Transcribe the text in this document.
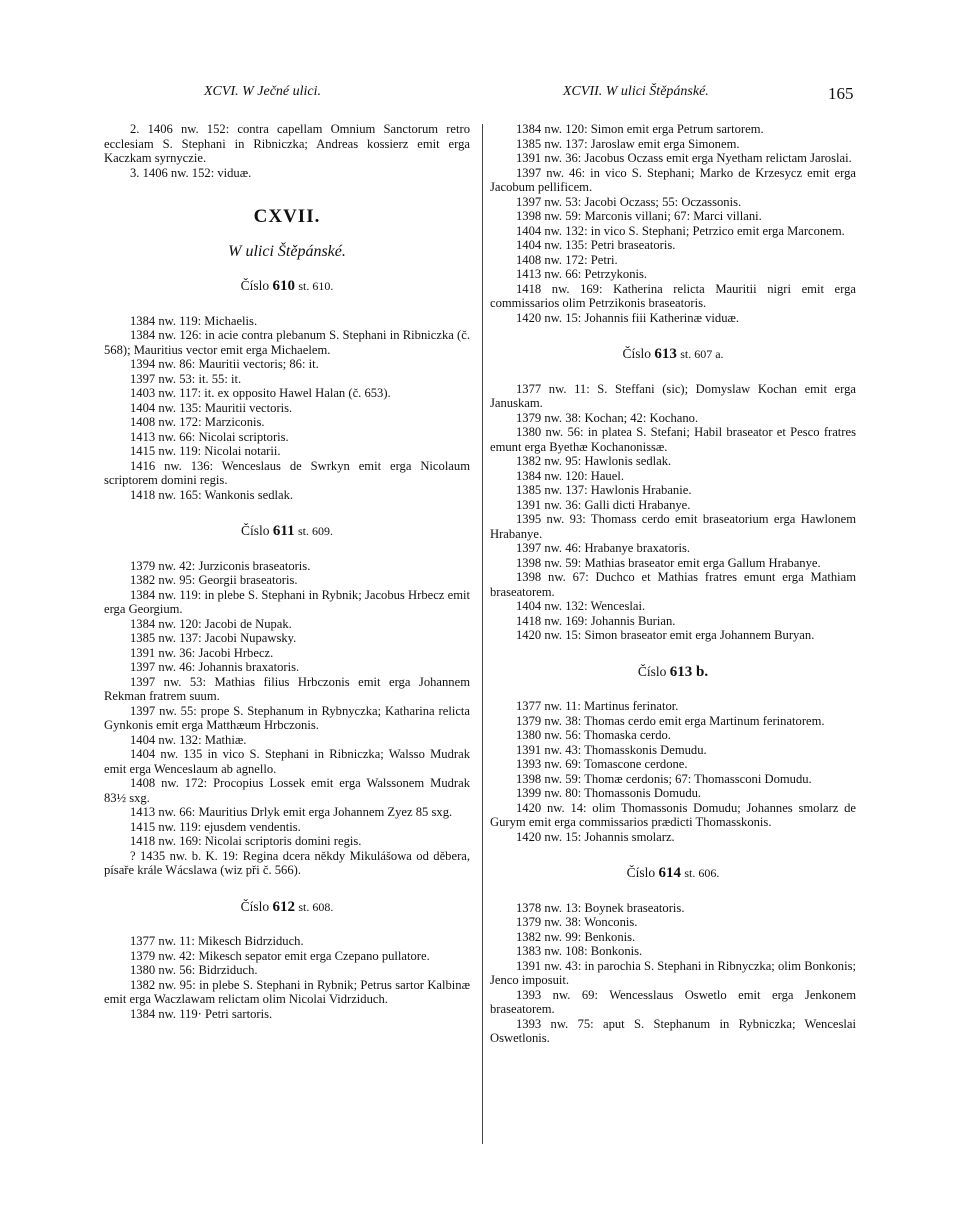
XCVI. W Ječné ulici.	XCVII. W ulici Štěpánské.	165

2. 1406 nw. 152: contra capellam Omnium Sanctorum retro ecclesiam S. Stephani in Ribniczka; Andreas kossierz emit erga Kaczkam syrnyczie.

3. 1406 nw. 152: viduæ.

CXVII.
W ulici Štěpánské.
Číslo 610 st. 610.

1384 nw. 119: Michaelis.

1384 nw. 126: in acie contra plebanum S. Stephani in Ribniczka (č. 568); Mauritius vector emit erga Michaelem.

1394 nw. 86: Mauritii vectoris; 86: it.

1397 nw. 53: it. 55: it.

1403 nw. 117: it. ex opposito Hawel Halan (č. 653).

1404 nw. 135: Mauritii vectoris.

1408 nw. 172: Marziconis.

1413 nw. 66: Nicolai scriptoris.

1415 nw. 119: Nicolai notarii.

1416 nw. 136: Wenceslaus de Swrkyn emit erga Nicolaum scriptorem domini regis.

1418 nw. 165: Wankonis sedlak.

Číslo 611 st. 609.

1379 nw. 42: Jurziconis braseatoris.

1382 nw. 95: Georgii braseatoris.

1384 nw. 119: in plebe S. Stephani in Rybnik; Jacobus Hrbecz emit erga Georgium.

1384 nw. 120: Jacobi de Nupak.

1385 nw. 137: Jacobi Nupawsky.

1391 nw. 36: Jacobi Hrbecz.

1397 nw. 46: Johannis braxatoris.

1397 nw. 53: Mathias filius Hrbczonis emit erga Johannem Rekman fratrem suum.

1397 nw. 55: prope S. Stephanum in Rybnyczka; Katharina relicta Gynkonis emit erga Matthæum Hrbczonis.

1404 nw. 132: Mathiæ.

1404 nw. 135 in vico S. Stephani in Ribniczka; Walsso Mudrak emit erga Wenceslaum ab agnello.

1408 nw. 172: Procopius Lossek emit erga Walssonem Mudrak 83½ sxg.

1413 nw. 66: Mauritius Drlyk emit erga Johannem Zyez 85 sxg.

1415 nw. 119: ejusdem vendentis.

1418 nw. 169: Nicolai scriptoris domini regis.

? 1435 nw. b. K. 19: Regina dcera někdy Mikulášowa od děbera, písaře krále Wácslawa (wiz při č. 566).

Číslo 612 st. 608.

1377 nw. 11: Mikesch Bidrziduch.

1379 nw. 42: Mikesch sepator emit erga Czepano pullatore.

1380 nw. 56: Bidrziduch.

1382 nw. 95: in plebe S. Stephani in Rybnik; Petrus sartor Kalbinæ emit erga Waczlawam relictam olim Nicolai Vidrziduch.

1384 nw. 119· Petri sartoris.

1384 nw. 120: Simon emit erga Petrum sartorem.

1385 nw. 137: Jaroslaw emit erga Simonem.

1391 nw. 36: Jacobus Oczass emit erga Nyetham relictam Jaroslai.

1397 nw. 46: in vico S. Stephani; Marko de Krzesycz emit erga Jacobum pellificem.

1397 nw. 53: Jacobi Oczass; 55: Oczassonis.

1398 nw. 59: Marconis villani; 67: Marci villani.

1404 nw. 132: in vico S. Stephani; Petrzico emit erga Marconem.

1404 nw. 135: Petri braseatoris.

1408 nw. 172: Petri.

1413 nw. 66: Petrzykonis.

1418 nw. 169: Katherina relicta Mauritii nigri emit erga commissarios olim Petrzikonis braseatoris.

1420 nw. 15: Johannis fiii Katherinæ viduæ.

Číslo 613 st. 607 a.

1377 nw. 11: S. Steffani (sic); Domyslaw Kochan emit erga Januskam.

1379 nw. 38: Kochan; 42: Kochano.

1380 nw. 56: in platea S. Stefani; Habil braseator et Pesco fratres emunt erga Byethæ Kochanonissæ.

1382 nw. 95: Hawlonis sedlak.

1384 nw. 120: Hauel.

1385 nw. 137: Hawlonis Hrabanie.

1391 nw. 36: Galli dicti Hrabanye.

1395 nw. 93: Thomass cerdo emit braseatorium erga Hawlonem Hrabanye.

1397 nw. 46: Hrabanye braxatoris.

1398 nw. 59: Mathias braseator emit erga Gallum Hrabanye.

1398 nw. 67: Duchco et Mathias fratres emunt erga Mathiam braseatorem.

1404 nw. 132: Wenceslai.

1418 nw. 169: Johannis Burian.

1420 nw. 15: Simon braseator emit erga Johannem Buryan.

Číslo 613 b.

1377 nw. 11: Martinus ferinator.

1379 nw. 38: Thomas cerdo emit erga Martinum ferinatorem.

1380 nw. 56: Thomaska cerdo.

1391 nw. 43: Thomasskonis Demudu.

1393 nw. 69: Tomascone cerdone.

1398 nw. 59: Thomæ cerdonis; 67: Thomassconi Domudu.

1399 nw. 80: Thomassonis Domudu.

1420 nw. 14: olim Thomassonis Domudu; Johannes smolarz de Gurym emit erga commissarios prædicti Thomasskonis.

1420 nw. 15: Johannis smolarz.

Číslo 614 st. 606.

1378 nw. 13: Boynek braseatoris.

1379 nw. 38: Wonconis.

1382 nw. 99: Benkonis.

1383 nw. 108: Bonkonis.

1391 nw. 43: in parochia S. Stephani in Ribnyczka; olim Bonkonis; Jenco imposuit.

1393 nw. 69: Wencesslaus Oswetlo emit erga Jenkonem braseatorem.

1393 nw. 75: aput S. Stephanum in Rybniczka; Wenceslai Oswetlonis.
